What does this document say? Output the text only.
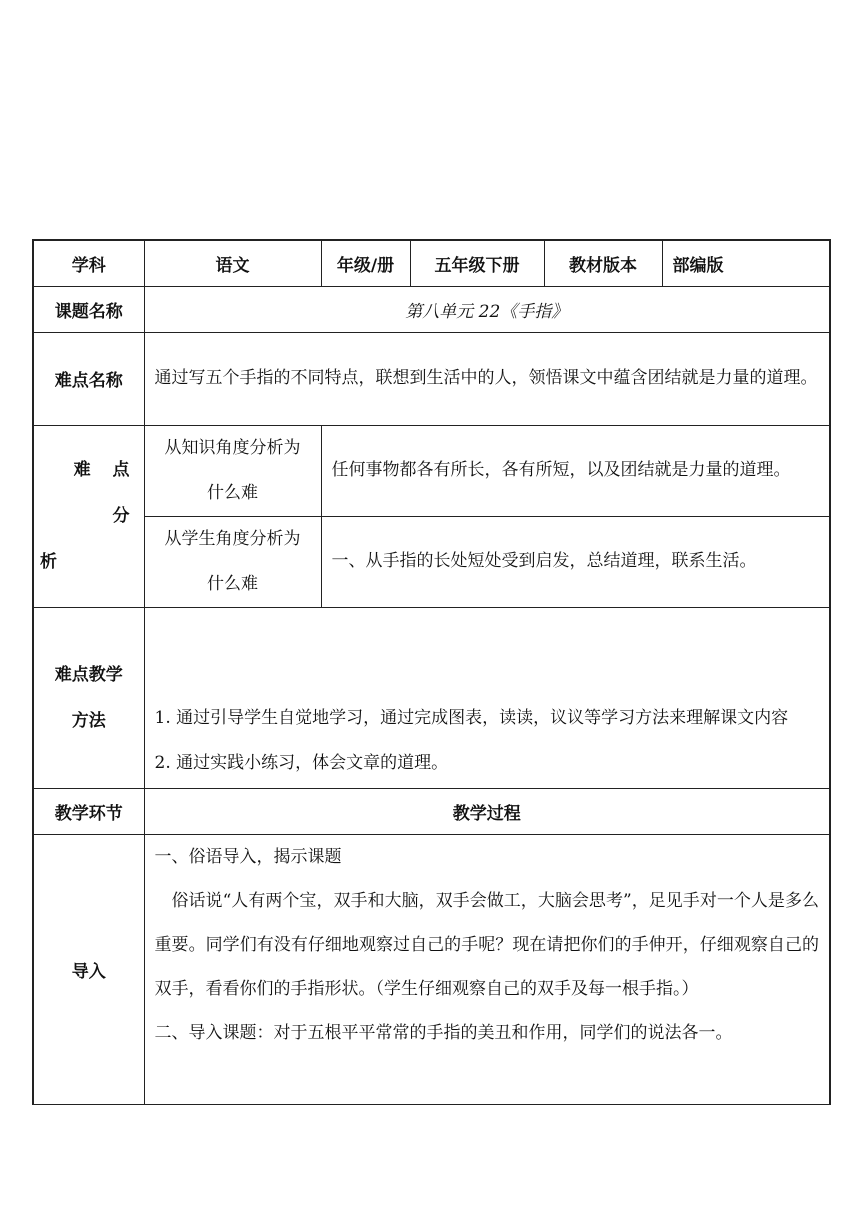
学科	语文	年级/册	五年级下册	教材版本	部编版
课题名称	第八单元 22《手指》				
难点名称	通过写五个手指的不同特点，联想到生活中的人，领悟课文中蕴含团结就是力量的道理。				

难 点 分
析	从知识角度分析为什么难	任何事物都各有所长，各有所短，以及团结就是力量的道理。			
	从学生角度分析为什么难	一、从手指的长处短处受到启发，总结道理，联系生活。			

难点教学
方法	1. 通过引导学生自觉地学习，通过完成图表，读读，议议等学习方法来理解课文内容
2. 通过实践小练习，体会文章的道理。				

教学环节	教学过程				
导入	一、俗语导入，揭示课题
俗话说“人有两个宝，双手和大脑，双手会做工，大脑会思考”，足见手对一个人是多么重要。同学们有没有仔细地观察过自己的手呢？现在请把你们的手伸开，仔细观察自己的双手，看看你们的手指形状。（学生仔细观察自己的双手及每一根手指。）
二、导入课题：对于五根平平常常的手指的美丑和作用，同学们的说法各一。				
